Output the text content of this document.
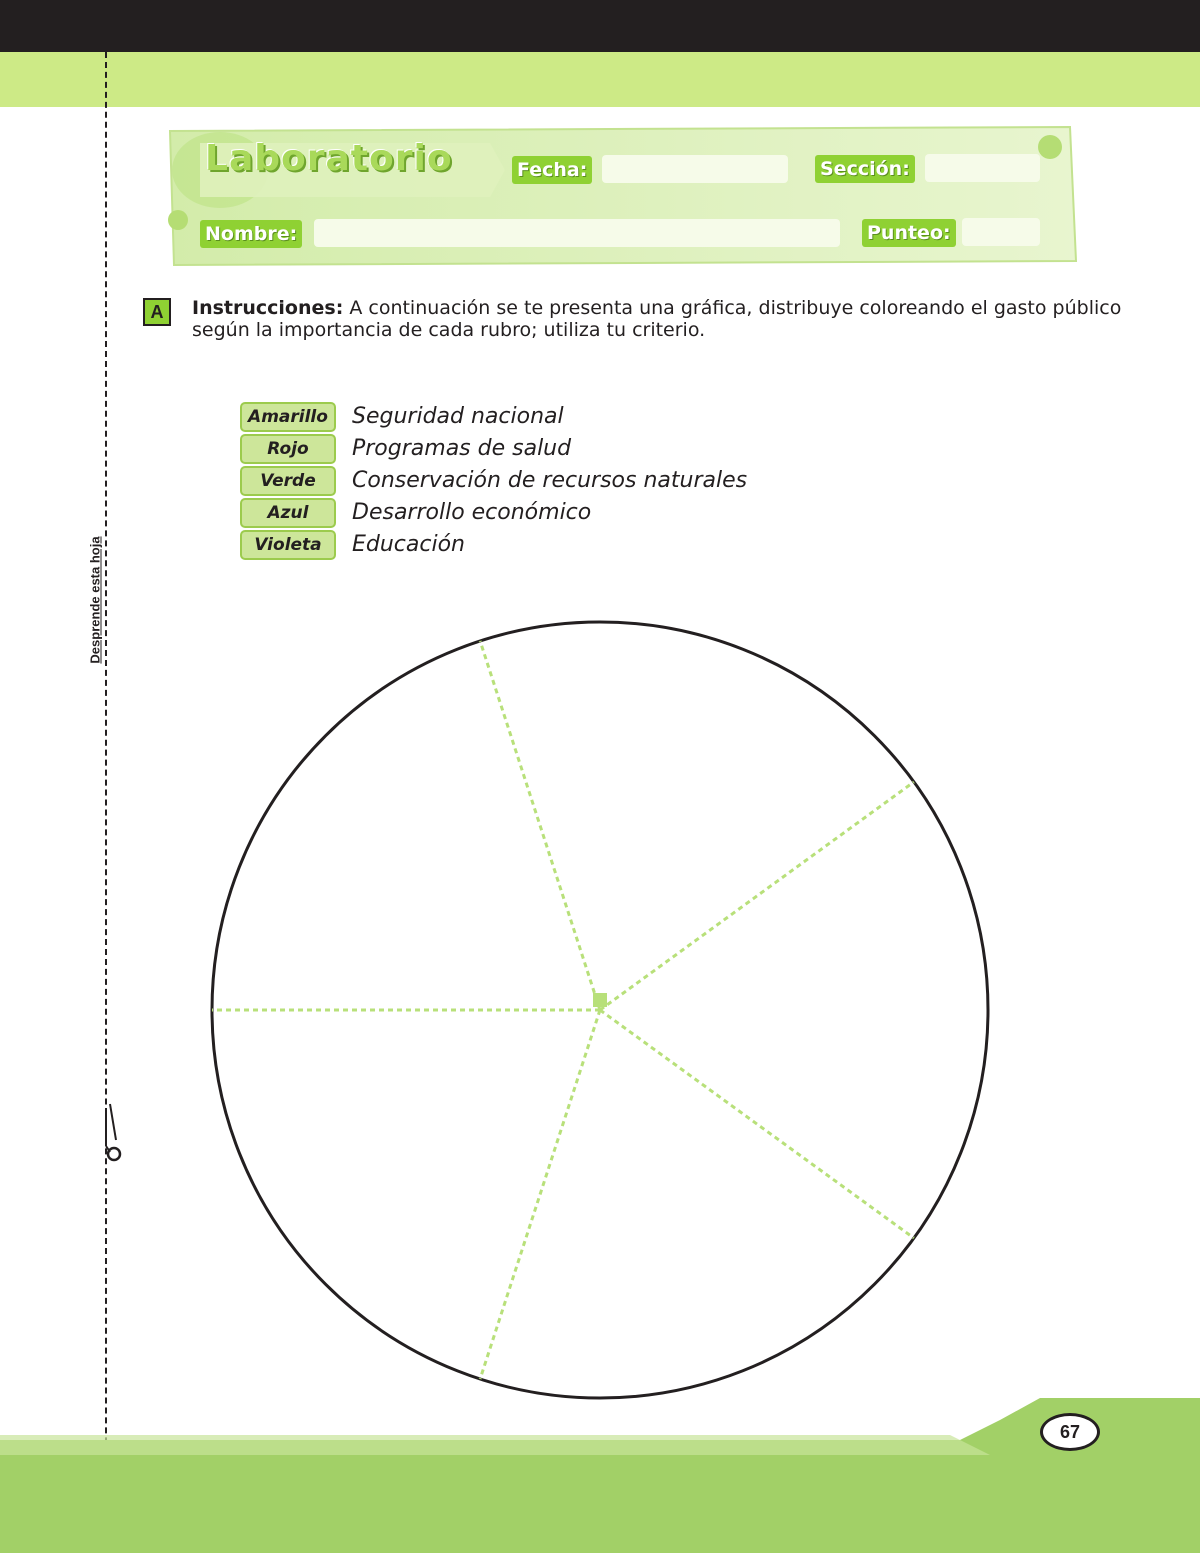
Desprende esta hoja
Laboratorio	Fecha:	Sección:
Nombre:	Punteo:
A	Instrucciones: A continuación se te presenta una gráfica, distribuye coloreando el gasto público según la importancia de cada rubro; utiliza tu criterio.
Amarillo	Seguridad nacional
Rojo	Programas de salud
Verde	Conservación de recursos naturales
Azul	Desarrollo económico
Violeta	Educación
67
